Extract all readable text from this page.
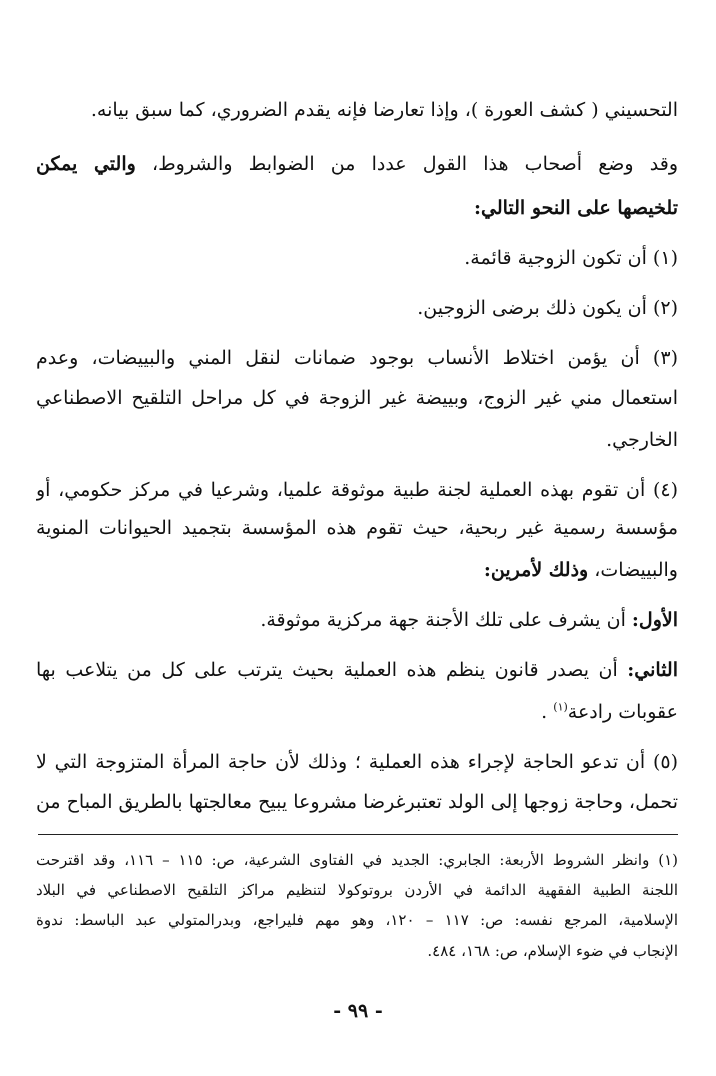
التحسيني ( كشف العورة )، وإذا تعارضا فإنه يقدم الضروري، كما سبق بيانه.
وقد وضع أصحاب هذا القول عددا من الضوابط والشروط، والتي يمكن
تلخيصها على النحو التالي:
(١) أن تكون الزوجية قائمة.
(٢) أن يكون ذلك برضى الزوجين.
(٣) أن يؤمن اختلاط الأنساب بوجود ضمانات لنقل المني والبييضات، وعدم
استعمال مني غير الزوج، وبييضة غير الزوجة في كل مراحل التلقيح الاصطناعي
الخارجي.
(٤) أن تقوم بهذه العملية لجنة طبية موثوقة علميا، وشرعيا في مركز حكومي، أو
مؤسسة رسمية غير ربحية، حيث تقوم هذه المؤسسة بتجميد الحيوانات المنوية
والبييضات، وذلك لأمرين:
الأول: أن يشرف على تلك الأجنة جهة مركزية موثوقة.
الثاني: أن يصدر قانون ينظم هذه العملية بحيث يترتب على كل من يتلاعب بها
عقوبات رادعة$^{(١)}$ .
(٥) أن تدعو الحاجة لإجراء هذه العملية ؛ وذلك لأن حاجة المرأة المتزوجة التي لا
تحمل، وحاجة زوجها إلى الولد تعتبرغرضا مشروعا يبيح معالجتها بالطريق المباح من
(١) وانظر الشروط الأربعة: الجابري: الجديد في الفتاوى الشرعية، ص: ١١٥ – ١١٦، وقد اقترحت
اللجنة الطبية الفقهية الدائمة في الأردن بروتوكولا لتنظيم مراكز التلقيح الاصطناعي في البلاد
الإسلامية، المرجع نفسه: ص: ١١٧ – ١٢٠، وهو مهم فليراجع، وبدرالمتولي عبد الباسط: ندوة
الإنجاب في ضوء الإسلام، ص: ١٦٨، ٤٨٤.
- ٩٩ -
